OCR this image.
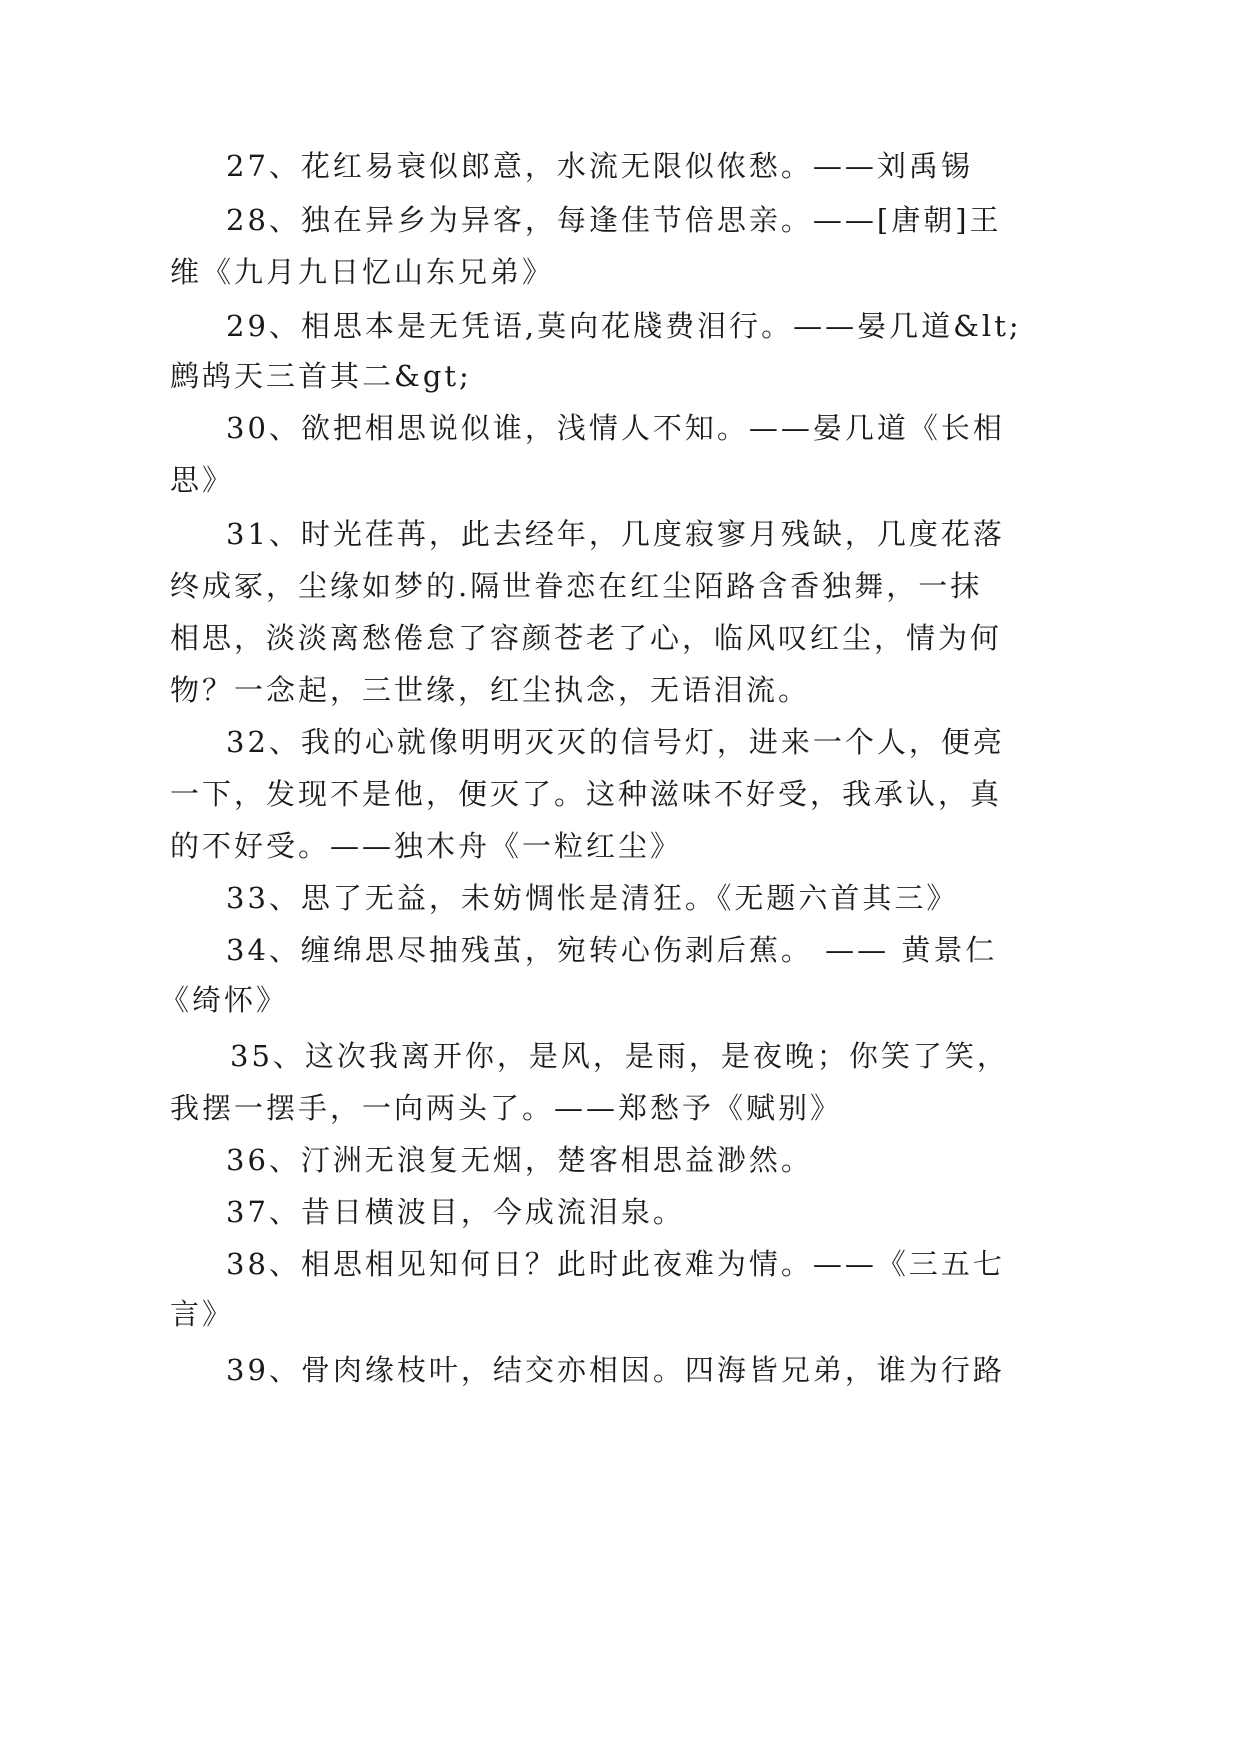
27、花红易衰似郎意，水流无限似侬愁。——刘禹锡
28、独在异乡为异客，每逢佳节倍思亲。——[唐朝]王
维《九月九日忆山东兄弟》
29、相思本是无凭语,莫向花牋费泪行。——晏几道&lt;
鹧鸪天三首其二&gt;
30、欲把相思说似谁，浅情人不知。——晏几道《长相
思》
31、时光荏苒，此去经年，几度寂寥月残缺，几度花落
终成冢，尘缘如梦的.隔世眷恋在红尘陌路含香独舞，一抹
相思，淡淡离愁倦怠了容颜苍老了心，临风叹红尘，情为何
物？一念起，三世缘，红尘执念，无语泪流。
32、我的心就像明明灭灭的信号灯，进来一个人，便亮
一下，发现不是他，便灭了。这种滋味不好受，我承认，真
的不好受。——独木舟《一粒红尘》
33、思了无益，未妨惆怅是清狂。《无题六首其三》
34、缠绵思尽抽残茧，宛转心伤剥后蕉。 —— 黄景仁
《绮怀》
35、这次我离开你，是风，是雨，是夜晚；你笑了笑，
我摆一摆手，一向两头了。——郑愁予《赋别》
36、汀洲无浪复无烟，楚客相思益渺然。
37、昔日横波目，今成流泪泉。
38、相思相见知何日？此时此夜难为情。——《三五七
言》
39、骨肉缘枝叶，结交亦相因。四海皆兄弟，谁为行路
